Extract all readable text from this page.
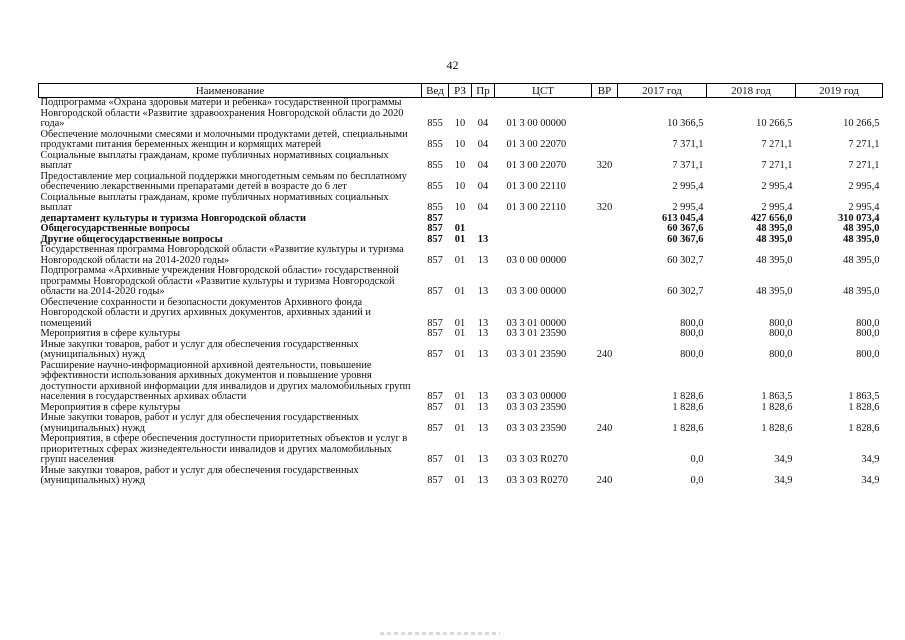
42
Наименование	Вед	РЗ	Пр	ЦСТ	ВР	2017 год	2018 год	2019 год
Подпрограмма «Охрана здоровья матери и ребенка» государственной программы Новгородской области «Развитие здравоохранения Новгородской области до 2020 года»	855	10	04	01 3 00 00000		10 366,5	10 266,5	10 266,5
Обеспечение молочными смесями и молочными продуктами детей, специальными продуктами питания беременных женщин и кормящих матерей	855	10	04	01 3 00 22070		7 371,1	7 271,1	7 271,1
Социальные выплаты гражданам, кроме публичных нормативных социальных выплат	855	10	04	01 3 00 22070	320	7 371,1	7 271,1	7 271,1
Предоставление мер социальной поддержки многодетным семьям по бесплатному обеспечению лекарственными препаратами детей в возрасте до 6 лет	855	10	04	01 3 00 22110		2 995,4	2 995,4	2 995,4
Социальные выплаты гражданам, кроме публичных нормативных социальных выплат	855	10	04	01 3 00 22110	320	2 995,4	2 995,4	2 995,4
департамент культуры и туризма Новгородской области	857					613 045,4	427 656,0	310 073,4
Общегосударственные вопросы	857	01				60 367,6	48 395,0	48 395,0
Другие общегосударственные вопросы	857	01	13			60 367,6	48 395,0	48 395,0
Государственная программа Новгородской области «Развитие культуры и туризма Новгородской области на 2014-2020 годы»	857	01	13	03 0 00 00000		60 302,7	48 395,0	48 395,0
Подпрограмма «Архивные учреждения Новгородской области» государственной программы Новгородской области «Развитие культуры и туризма Новгородской области на 2014-2020 годы»	857	01	13	03 3 00 00000		60 302,7	48 395,0	48 395,0
Обеспечение сохранности и безопасности документов Архивного фонда Новгородской области и других архивных документов, архивных зданий и помещений	857	01	13	03 3 01 00000		800,0	800,0	800,0
Мероприятия в сфере культуры	857	01	13	03 3 01 23590		800,0	800,0	800,0
Иные закупки товаров, работ и услуг для обеспечения государственных (муниципальных) нужд	857	01	13	03 3 01 23590	240	800,0	800,0	800,0
Расширение научно-информационной архивной деятельности, повышение эффективности использования архивных документов и повышение уровня доступности архивной информации для инвалидов и других маломобильных групп населения в государственных архивах области	857	01	13	03 3 03 00000		1 828,6	1 863,5	1 863,5
Мероприятия в сфере культуры	857	01	13	03 3 03 23590		1 828,6	1 828,6	1 828,6
Иные закупки товаров, работ и услуг для обеспечения государственных (муниципальных) нужд	857	01	13	03 3 03 23590	240	1 828,6	1 828,6	1 828,6
Мероприятия, в сфере обеспечения доступности приоритетных объектов и услуг в приоритетных сферах жизнедеятельности инвалидов и других маломобильных групп населения	857	01	13	03 3 03 R0270		0,0	34,9	34,9
Иные закупки товаров, работ и услуг для обеспечения государственных (муниципальных) нужд	857	01	13	03 3 03 R0270	240	0,0	34,9	34,9
